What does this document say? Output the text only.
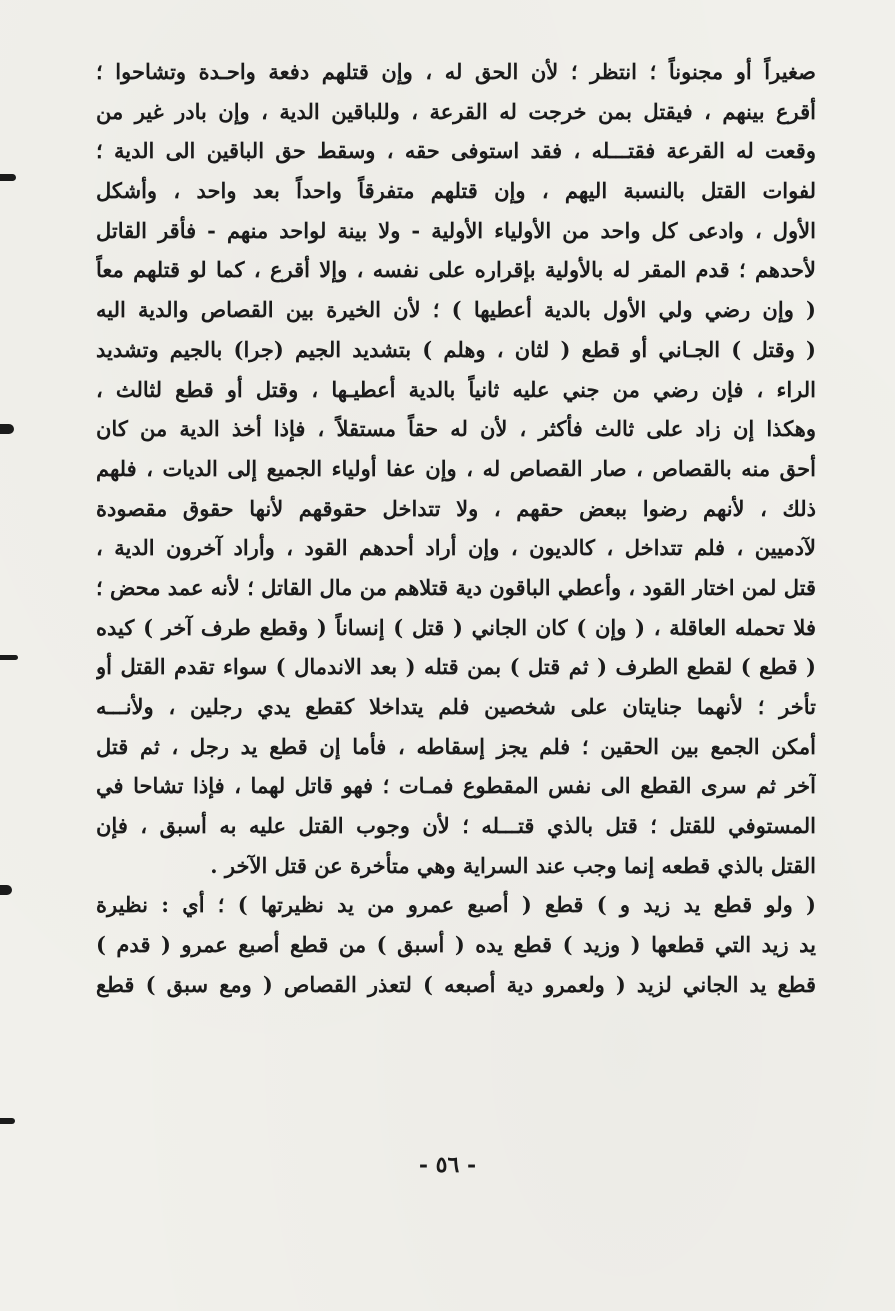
صغيراً أو مجنوناً ؛ انتظر ؛ لأن الحق له ، وإن قتلهم دفعة واحـدة وتشاحوا ؛
أقرع بينهم ، فيقتل بمن خرجت له القرعة ، وللباقين الدية ، وإن بادر غير من
وقعت له القرعة فقتـــله ، فقد استوفى حقه ، وسقط حق الباقين الى الدية ؛
لفوات القتل بالنسبة اليهم ، وإن قتلهم متفرقاً واحداً بعد واحد ، وأشكل
الأول ، وادعى كل واحد من الأولياء الأولية - ولا بينة لواحد منهم - فأقر القاتل
لأحدهم ؛ قدم المقر له بالأولية بإقراره على نفسه ، وإلا أقرع ، كما لو قتلهم معاً
( وإن رضي ولي الأول بالدية أعطيها ) ؛ لأن الخيرة بين القصاص والدية اليه
( وقتل ) الجـاني أو قطع ( لثان ، وهلم ) بتشديد الجيم (جرا) بالجيم وتشديد
الراء ، فإن رضي من جني عليه ثانياً بالدية أعطيـها ، وقتل أو قطع لثالث ،
وهكذا إن زاد على ثالث فأكثر ، لأن له حقاً مستقلاً ، فإذا أخذ الدية من كان
أحق منه بالقصاص ، صار القصاص له ، وإن عفا أولياء الجميع إلى الديات ، فلهم
ذلك ، لأنهم رضوا ببعض حقهم ، ولا تتداخل حقوقهم لأنها حقوق مقصودة
لآدميين ، فلم تتداخل ، كالديون ، وإن أراد أحدهم القود ، وأراد آخرون الدية ،
قتل لمن اختار القود ، وأعطي الباقون دية قتلاهم من مال القاتل ؛ لأنه عمد محض ؛
فلا تحمله العاقلة ، ( وإن ) كان الجاني ( قتل ) إنساناً ( وقطع طرف آخر ) كيده
( قطع ) لقطع الطرف ( ثم قتل ) بمن قتله ( بعد الاندمال ) سواء تقدم القتل أو
تأخر ؛ لأنهما جنايتان على شخصين فلم يتداخلا كقطع يدي رجلين ، ولأنـــه
أمكن الجمع بين الحقين ؛ فلم يجز إسقاطه ، فأما إن قطع يد رجل ، ثم قتل
آخر ثم سرى القطع الى نفس المقطوع فمـات ؛ فهو قاتل لهما ، فإذا تشاحا في
المستوفي للقتل ؛ قتل بالذي قتـــله ؛ لأن وجوب القتل عليه به أسبق ، فإن
القتل بالذي قطعه إنما وجب عند السراية وهي متأخرة عن قتل الآخر .
( ولو قطع يد زيد و ) قطع ( أصبع عمرو من يد نظيرتها ) ؛ أي : نظيرة
يد زيد التي قطعها ( وزيد ) قطع يده ( أسبق ) من قطع أصبع عمرو ( قدم )
قطع يد الجاني لزيد ( ولعمرو دية أصبعه ) لتعذر القصاص ( ومع سبق ) قطع
- ٥٦ -
